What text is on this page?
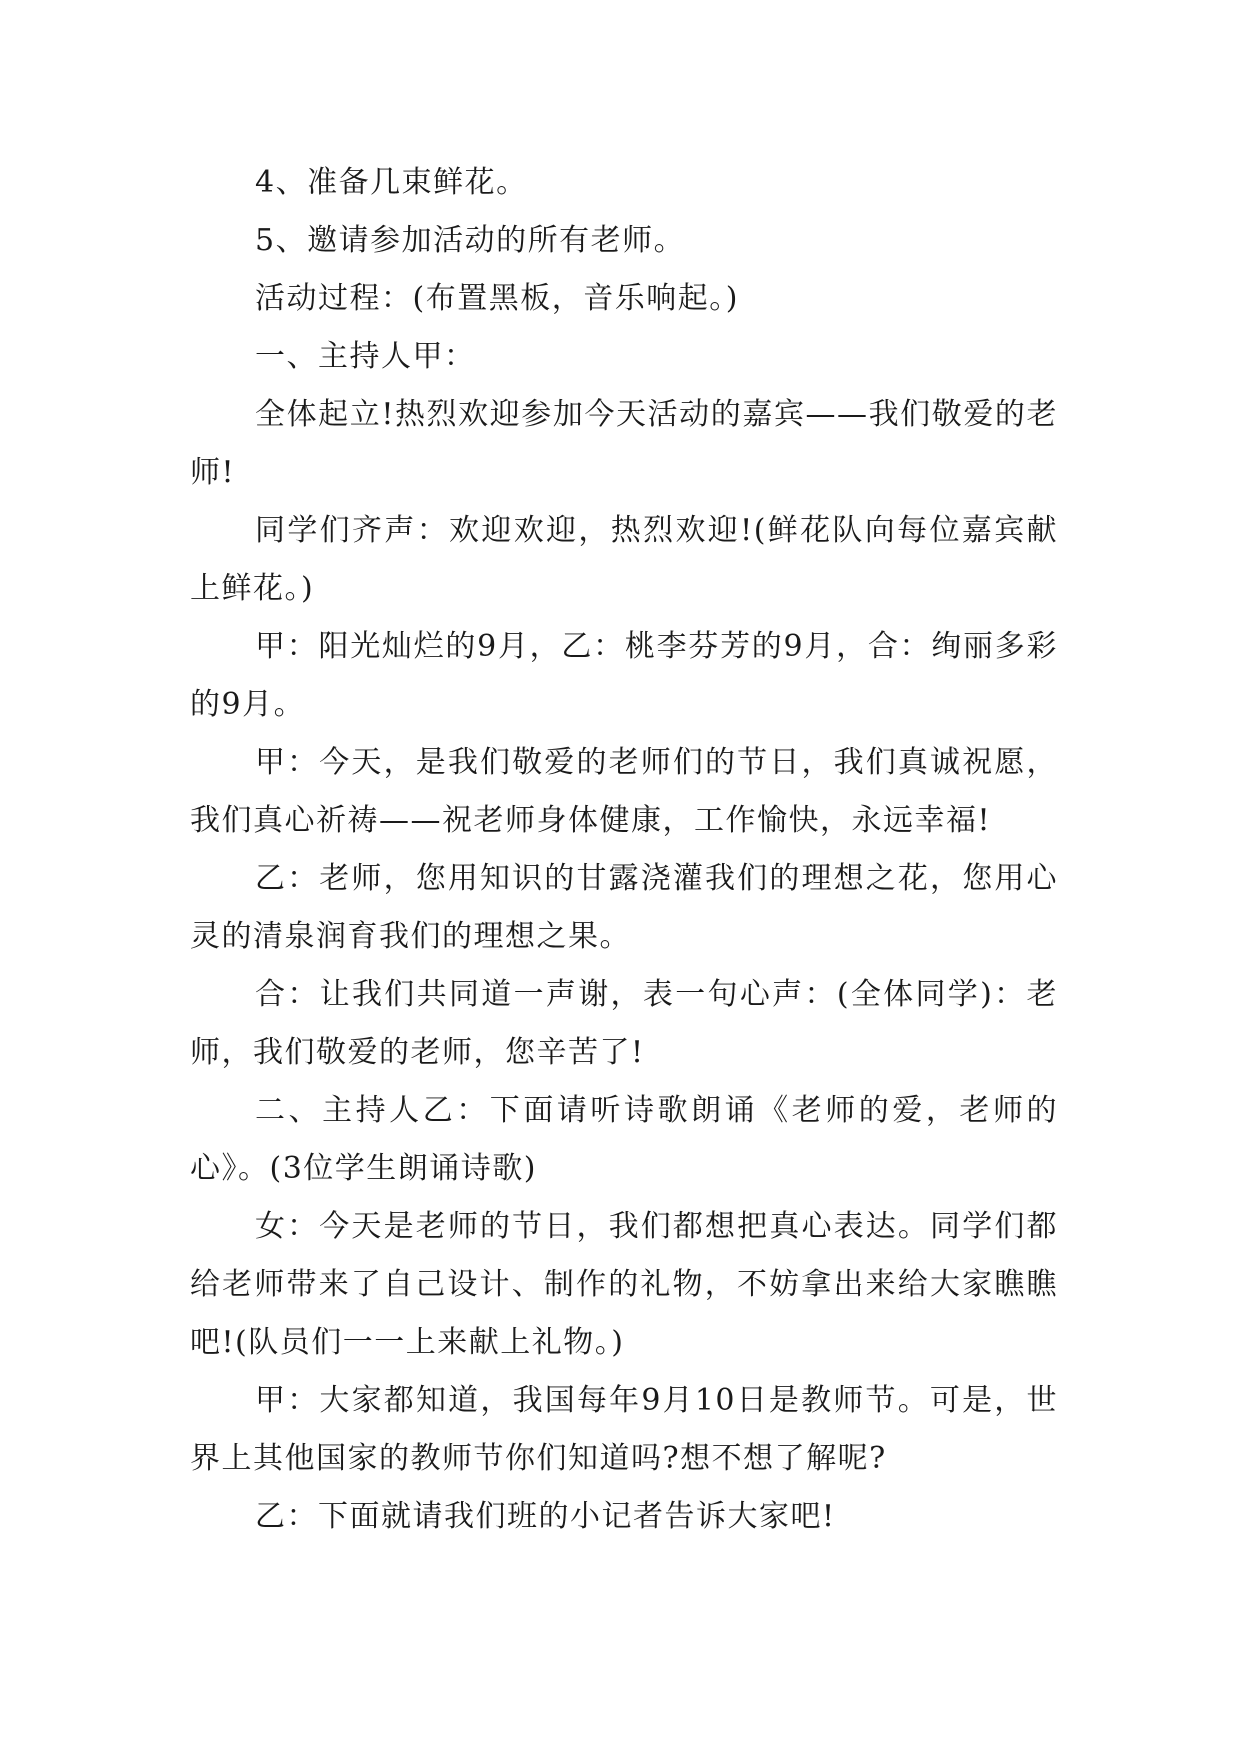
4、准备几束鲜花。

5、邀请参加活动的所有老师。

活动过程：(布置黑板，音乐响起。)

一、主持人甲：

全体起立!热烈欢迎参加今天活动的嘉宾——我们敬爱的老师!

同学们齐声：欢迎欢迎，热烈欢迎!(鲜花队向每位嘉宾献上鲜花。)

甲：阳光灿烂的9月，乙：桃李芬芳的9月，合：绚丽多彩的9月。

甲：今天，是我们敬爱的老师们的节日，我们真诚祝愿，我们真心祈祷——祝老师身体健康，工作愉快，永远幸福!

乙：老师，您用知识的甘露浇灌我们的理想之花，您用心灵的清泉润育我们的理想之果。

合：让我们共同道一声谢，表一句心声：(全体同学)：老师，我们敬爱的老师，您辛苦了!

二、主持人乙：下面请听诗歌朗诵《老师的爱，老师的心》。(3位学生朗诵诗歌)

女：今天是老师的节日，我们都想把真心表达。同学们都给老师带来了自己设计、制作的礼物，不妨拿出来给大家瞧瞧吧!(队员们一一上来献上礼物。)

甲：大家都知道，我国每年9月10日是教师节。可是，世界上其他国家的教师节你们知道吗?想不想了解呢?

乙：下面就请我们班的小记者告诉大家吧!
